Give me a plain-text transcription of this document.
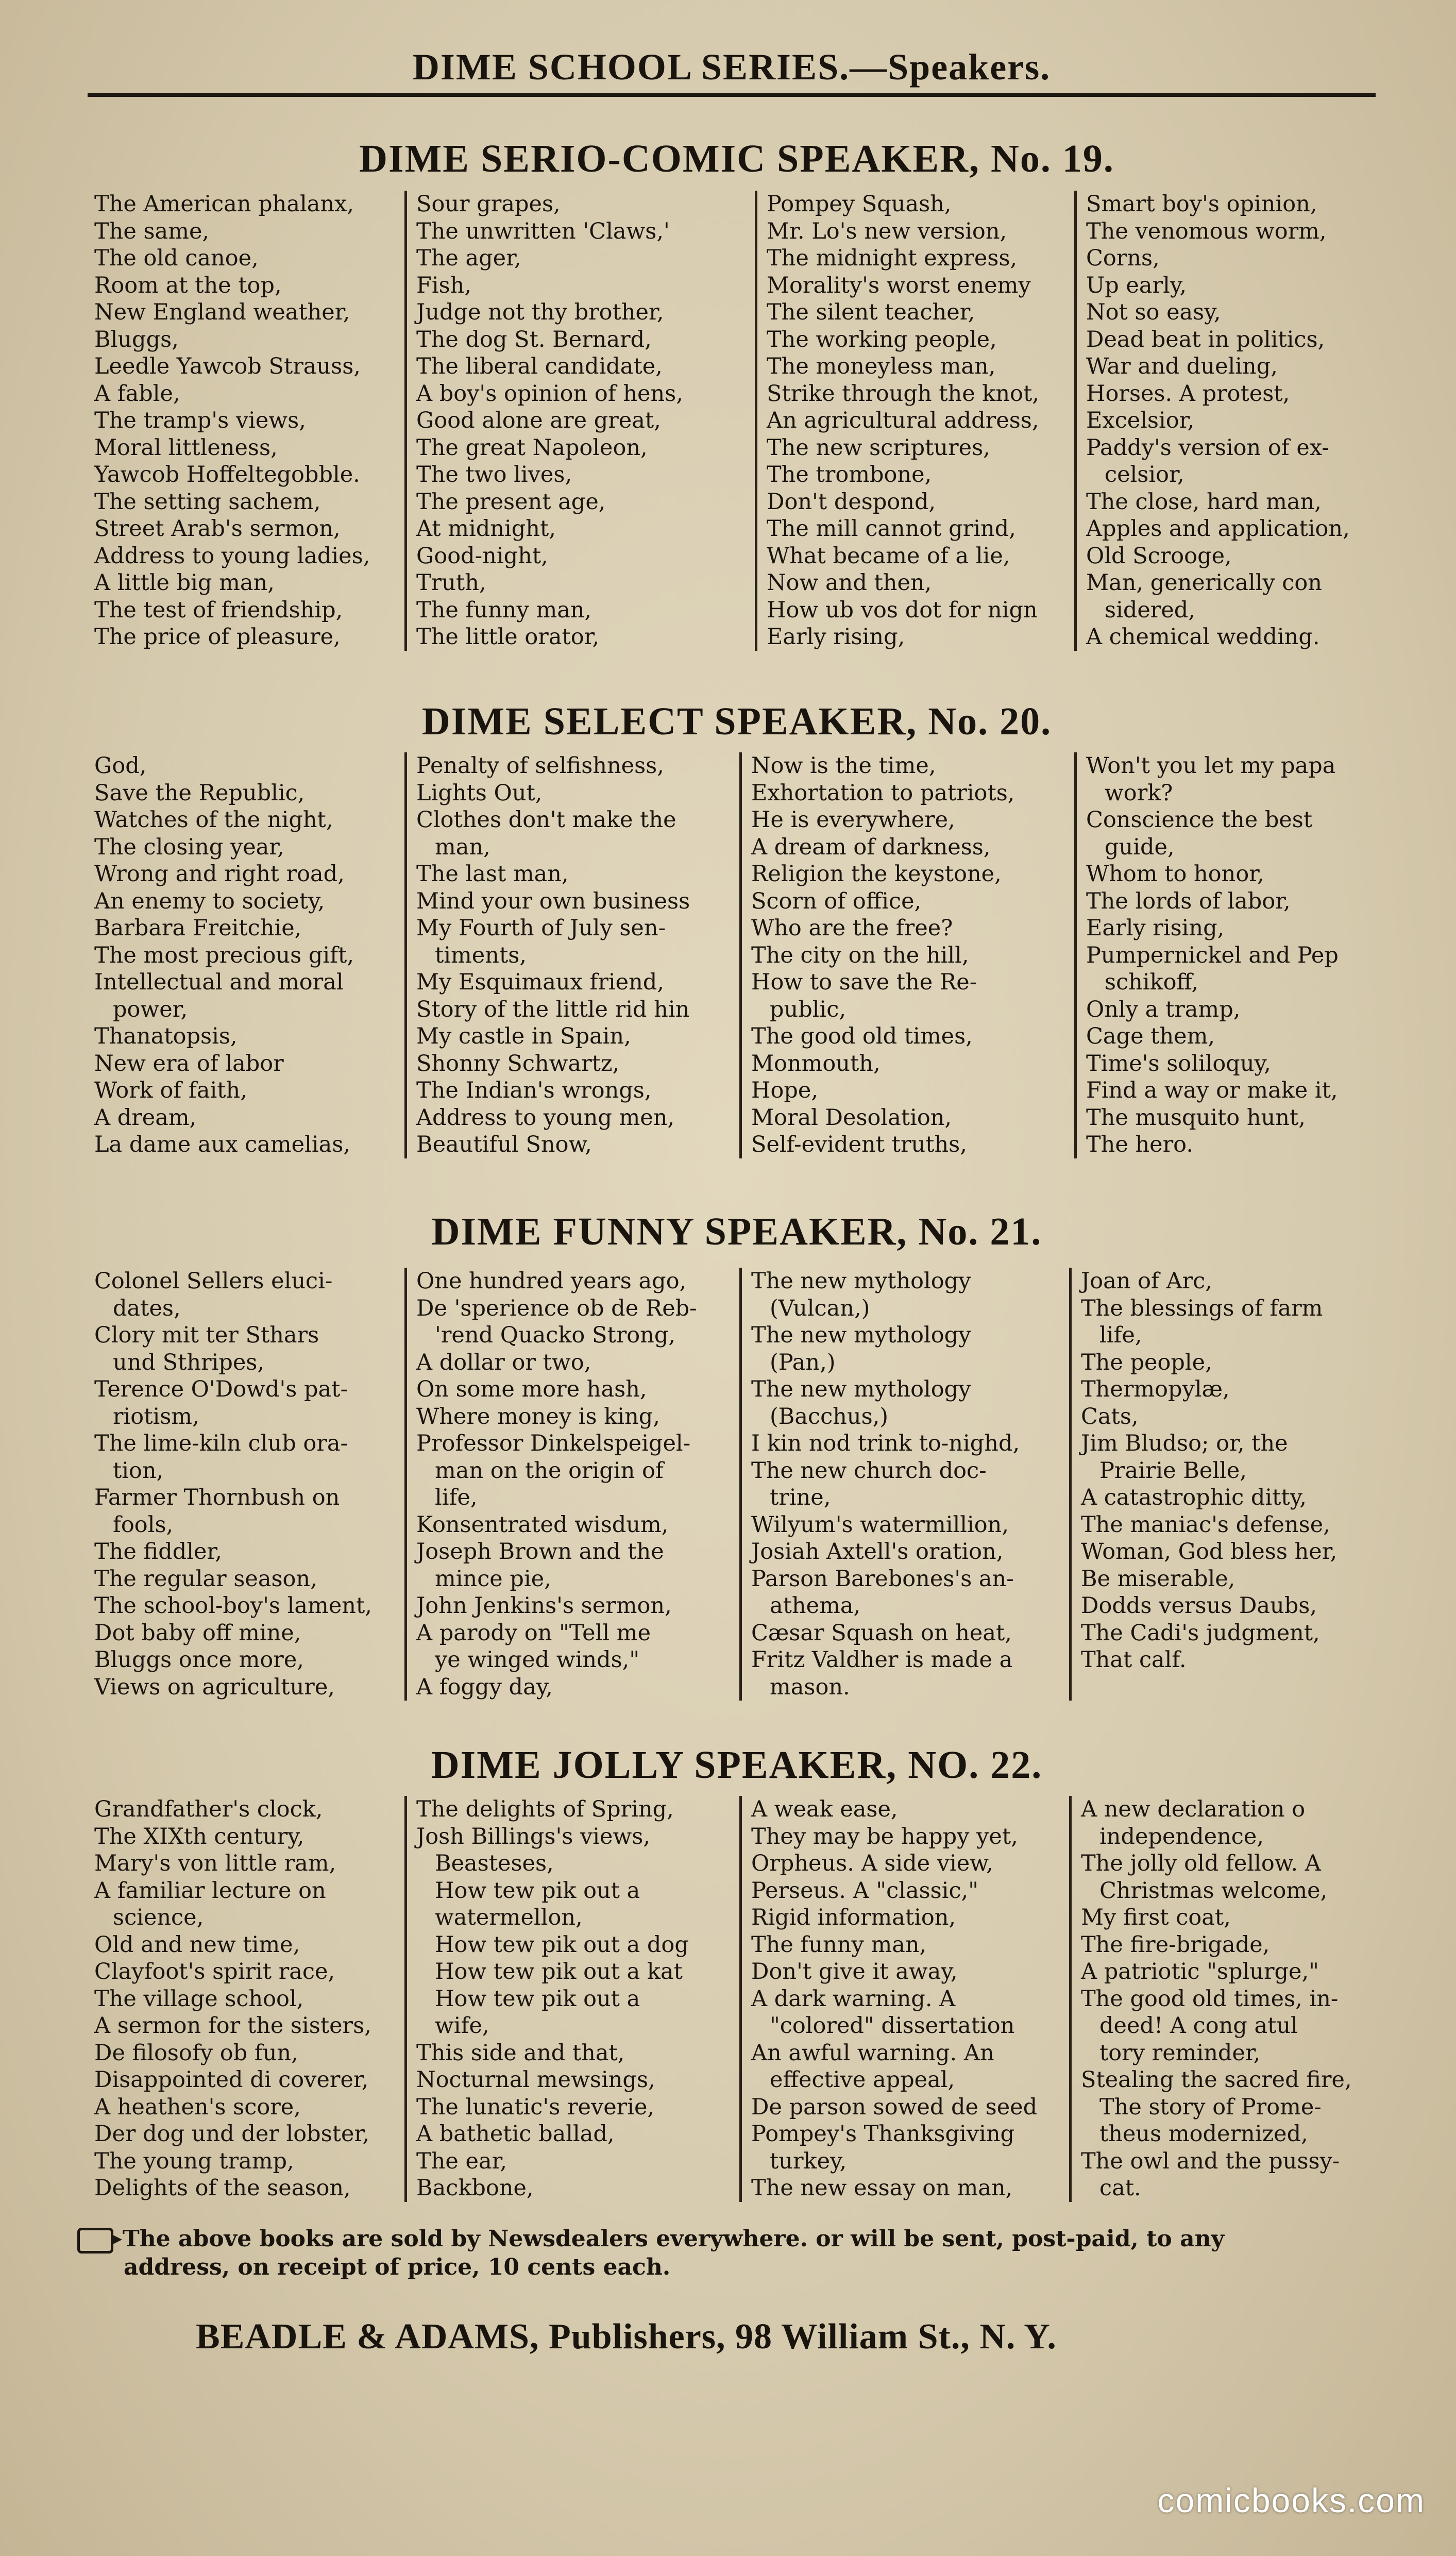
DIME SCHOOL SERIES.—Speakers.
DIME SERIO-COMIC SPEAKER, No. 19.
The American phalanx,
The same,
The old canoe,
Room at the top,
New England weather,
Bluggs,
Leedle Yawcob Strauss,
A fable,
The tramp's views,
Moral littleness,
Yawcob Hoffeltegobble.
The setting sachem,
Street Arab's sermon,
Address to young ladies,
A little big man,
The test of friendship,
The price of pleasure,
Sour grapes,
The unwritten 'Claws,'
The ager,
Fish,
Judge not thy brother,
The dog St. Bernard,
The liberal candidate,
A boy's opinion of hens,
Good alone are great,
The great Napoleon,
The two lives,
The present age,
At midnight,
Good-night,
Truth,
The funny man,
The little orator,
Pompey Squash,
Mr. Lo's new version,
The midnight express,
Morality's worst enemy
The silent teacher,
The working people,
The moneyless man,
Strike through the knot,
An agricultural address,
The new scriptures,
The trombone,
Don't despond,
The mill cannot grind,
What became of a lie,
Now and then,
How ub vos dot for nign
Early rising,
Smart boy's opinion,
The venomous worm,
Corns,
Up early,
Not so easy,
Dead beat in politics,
War and dueling,
Horses. A protest,
Excelsior,
Paddy's version of ex-
celsior,
The close, hard man,
Apples and application,
Old Scrooge,
Man, generically con
sidered,
A chemical wedding.
DIME SELECT SPEAKER, No. 20.
God,
Save the Republic,
Watches of the night,
The closing year,
Wrong and right road,
An enemy to society,
Barbara Freitchie,
The most precious gift,
Intellectual and moral
power,
Thanatopsis,
New era of labor
Work of faith,
A dream,
La dame aux camelias,
Penalty of selfishness,
Lights Out,
Clothes don't make the
man,
The last man,
Mind your own business
My Fourth of July sen-
timents,
My Esquimaux friend,
Story of the little rid hin
My castle in Spain,
Shonny Schwartz,
The Indian's wrongs,
Address to young men,
Beautiful Snow,
Now is the time,
Exhortation to patriots,
He is everywhere,
A dream of darkness,
Religion the keystone,
Scorn of office,
Who are the free?
The city on the hill,
How to save the Re-
public,
The good old times,
Monmouth,
Hope,
Moral Desolation,
Self-evident truths,
Won't you let my papa
work?
Conscience the best
guide,
Whom to honor,
The lords of labor,
Early rising,
Pumpernickel and Pep
schikoff,
Only a tramp,
Cage them,
Time's soliloquy,
Find a way or make it,
The musquito hunt,
The hero.
DIME FUNNY SPEAKER, No. 21.
Colonel Sellers eluci-
dates,
Clory mit ter Sthars
und Sthripes,
Terence O'Dowd's pat-
riotism,
The lime-kiln club ora-
tion,
Farmer Thornbush on
fools,
The fiddler,
The regular season,
The school-boy's lament,
Dot baby off mine,
Bluggs once more,
Views on agriculture,
One hundred years ago,
De 'sperience ob de Reb-
'rend Quacko Strong,
A dollar or two,
On some more hash,
Where money is king,
Professor Dinkelspeigel-
man on the origin of
life,
Konsentrated wisdum,
Joseph Brown and the
mince pie,
John Jenkins's sermon,
A parody on "Tell me
ye winged winds,"
A foggy day,
The new mythology
(Vulcan,)
The new mythology
(Pan,)
The new mythology
(Bacchus,)
I kin nod trink to-nighd,
The new church doc-
trine,
Wilyum's watermillion,
Josiah Axtell's oration,
Parson Barebones's an-
athema,
Cæsar Squash on heat,
Fritz Valdher is made a
mason.
Joan of Arc,
The blessings of farm
life,
The people,
Thermopylæ,
Cats,
Jim Bludso; or, the
Prairie Belle,
A catastrophic ditty,
The maniac's defense,
Woman, God bless her,
Be miserable,
Dodds versus Daubs,
The Cadi's judgment,
That calf.
DIME JOLLY SPEAKER, NO. 22.
Grandfather's clock,
The XIXth century,
Mary's von little ram,
A familiar lecture on
science,
Old and new time,
Clayfoot's spirit race,
The village school,
A sermon for the sisters,
De filosofy ob fun,
Disappointed di coverer,
A heathen's score,
Der dog und der lobster,
The young tramp,
Delights of the season,
The delights of Spring,
Josh Billings's views,
Beasteses,
How tew pik out a
watermellon,
How tew pik out a dog
How tew pik out a kat
How tew pik out a
wife,
This side and that,
Nocturnal mewsings,
The lunatic's reverie,
A bathetic ballad,
The ear,
Backbone,
A weak ease,
They may be happy yet,
Orpheus. A side view,
Perseus. A "classic,"
Rigid information,
The funny man,
Don't give it away,
A dark warning. A
"colored" dissertation
An awful warning. An
effective appeal,
De parson sowed de seed
Pompey's Thanksgiving
turkey,
The new essay on man,
A new declaration o
independence,
The jolly old fellow. A
Christmas welcome,
My first coat,
The fire-brigade,
A patriotic "splurge,"
The good old times, in-
deed! A cong atul
tory reminder,
Stealing the sacred fire,
The story of Prome-
theus modernized,
The owl and the pussy-
cat.
The above books are sold by Newsdealers everywhere. or will be sent, post-paid, to any
address, on receipt of price, 10 cents each.
BEADLE & ADAMS, Publishers, 98 William St., N. Y.
comicbooks.com
